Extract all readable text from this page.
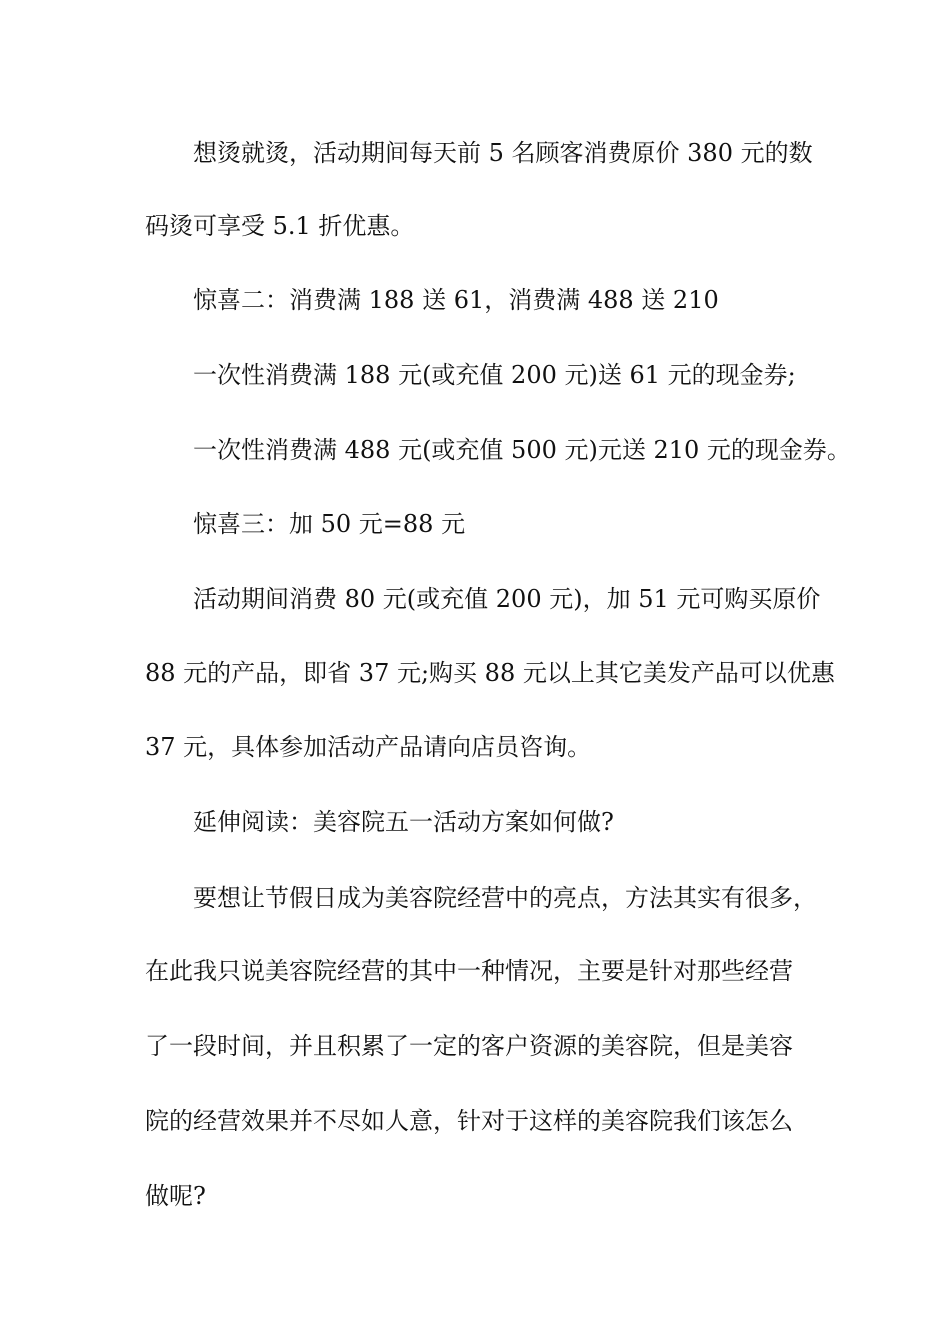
想烫就烫，活动期间每天前 5 名顾客消费原价 380 元的数
码烫可享受 5.1 折优惠。
惊喜二：消费满 188 送 61，消费满 488 送 210
一次性消费满 188 元(或充值 200 元)送 61 元的现金券;
一次性消费满 488 元(或充值 500 元)元送 210 元的现金券。
惊喜三：加 50 元=88 元
活动期间消费 80 元(或充值 200 元)，加 51 元可购买原价
88 元的产品，即省 37 元;购买 88 元以上其它美发产品可以优惠
37 元，具体参加活动产品请向店员咨询。
延伸阅读：美容院五一活动方案如何做?
要想让节假日成为美容院经营中的亮点，方法其实有很多，
在此我只说美容院经营的其中一种情况，主要是针对那些经营
了一段时间，并且积累了一定的客户资源的美容院，但是美容
院的经营效果并不尽如人意，针对于这样的美容院我们该怎么
做呢?
